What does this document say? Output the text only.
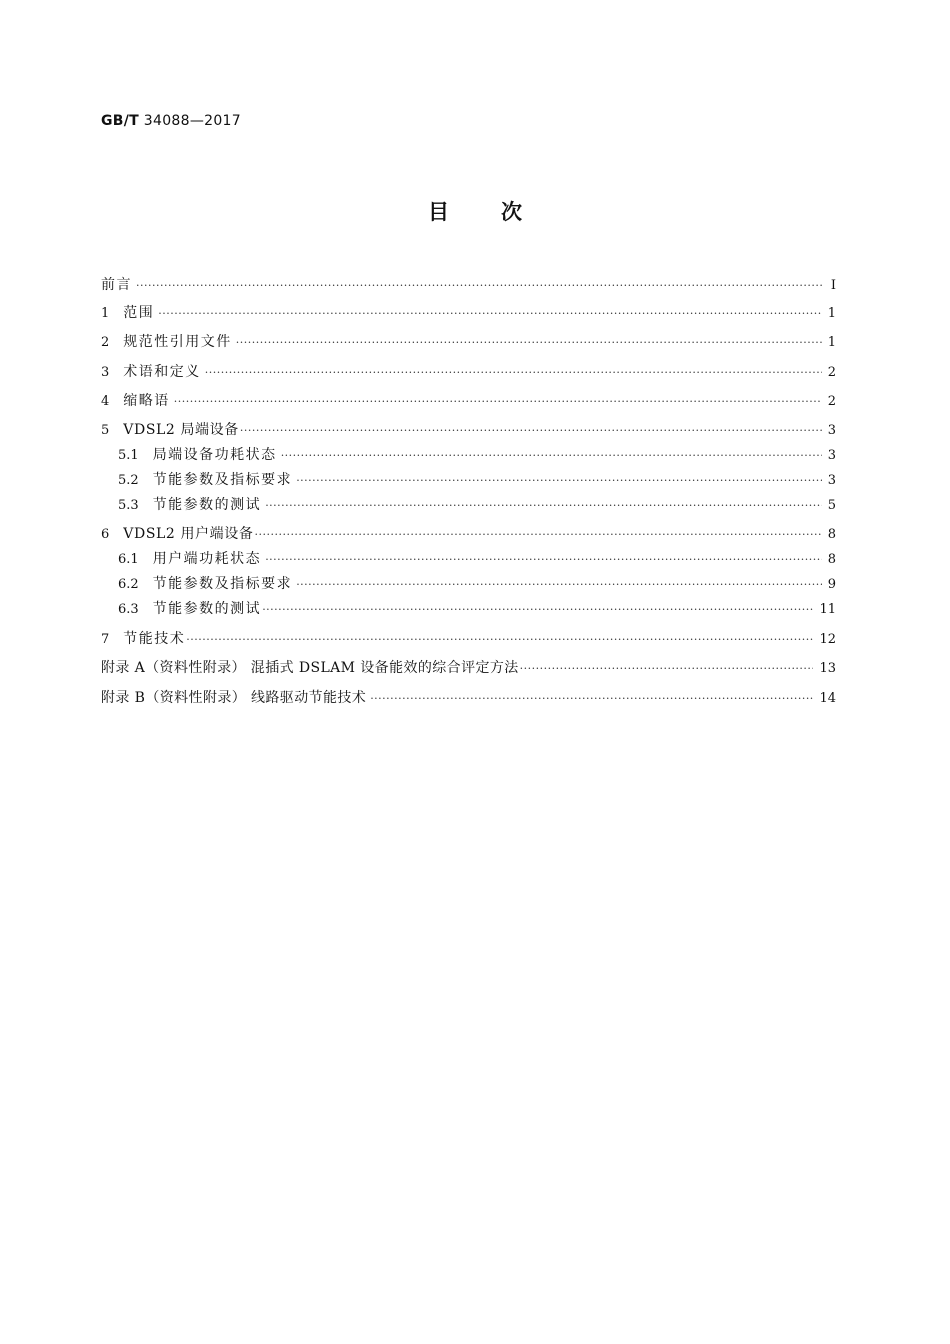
GB/T 34088—2017
目 次
前言 ·····	Ⅰ
1 范围 ·····	1
2 规范性引用文件 ·····	1
3 术语和定义 ·····	2
4 缩略语 ·····	2
5 VDSL2 局端设备 ·····	3
5.1 局端设备功耗状态 ·····	3
5.2 节能参数及指标要求 ·····	3
5.3 节能参数的测试 ·····	5
6 VDSL2 用户端设备 ·····	8
6.1 用户端功耗状态 ·····	8
6.2 节能参数及指标要求 ·····	9
6.3 节能参数的测试 ·····	11
7 节能技术 ·····	12
附录 A（资料性附录） 混插式 DSLAM 设备能效的综合评定方法 ·····	13
附录 B（资料性附录） 线路驱动节能技术 ·····	14
